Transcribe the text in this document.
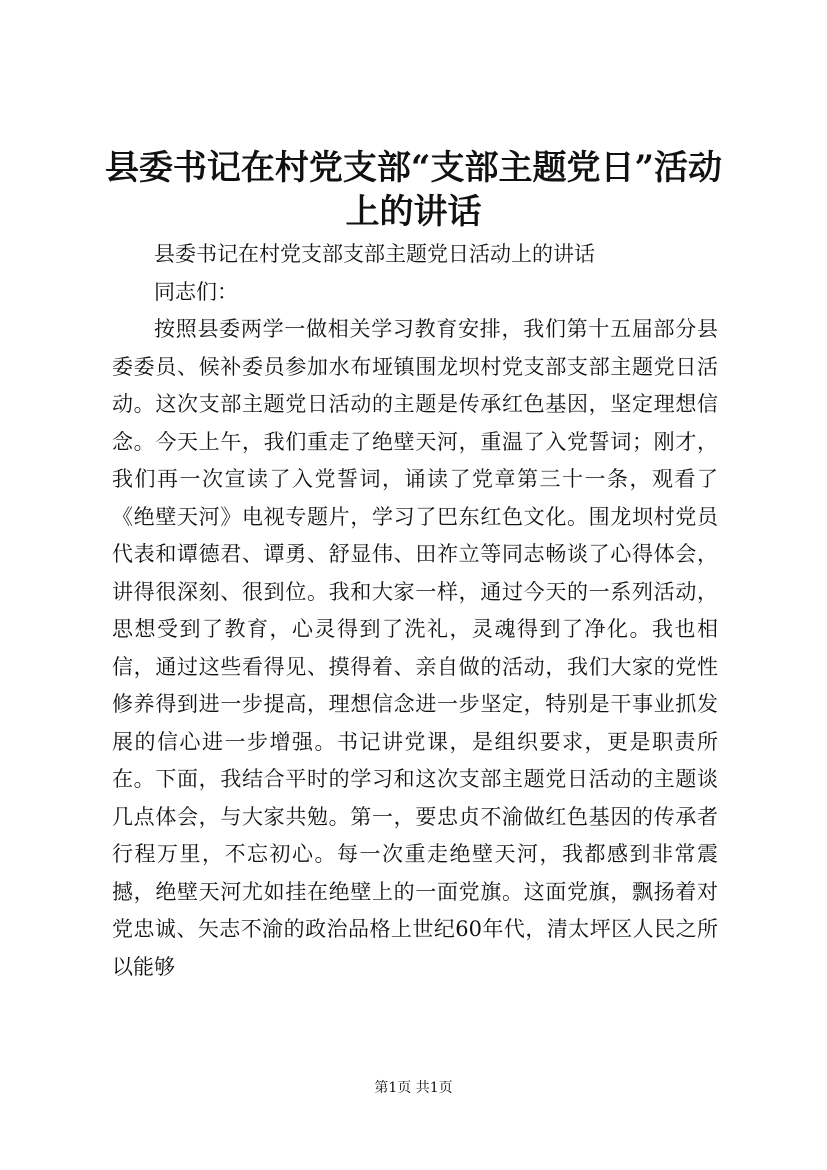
县委书记在村党支部“支部主题党日”活动上的讲话

县委书记在村党支部支部主题党日活动上的讲话

同志们：

按照县委两学一做相关学习教育安排，我们第十五届部分县委委员、候补委员参加水布垭镇围龙坝村党支部支部主题党日活动。这次支部主题党日活动的主题是传承红色基因，坚定理想信念。今天上午，我们重走了绝壁天河，重温了入党誓词；刚才，我们再一次宣读了入党誓词，诵读了党章第三十一条，观看了《绝壁天河》电视专题片，学习了巴东红色文化。围龙坝村党员代表和谭德君、谭勇、舒显伟、田祚立等同志畅谈了心得体会，讲得很深刻、很到位。我和大家一样，通过今天的一系列活动，思想受到了教育，心灵得到了洗礼，灵魂得到了净化。我也相信，通过这些看得见、摸得着、亲自做的活动，我们大家的党性修养得到进一步提高，理想信念进一步坚定，特别是干事业抓发展的信心进一步增强。书记讲党课，是组织要求，更是职责所在。下面，我结合平时的学习和这次支部主题党日活动的主题谈几点体会，与大家共勉。第一，要忠贞不渝做红色基因的传承者行程万里，不忘初心。每一次重走绝壁天河，我都感到非常震撼，绝壁天河尤如挂在绝壁上的一面党旗。这面党旗，飘扬着对党忠诚、矢志不渝的政治品格上世纪60年代，清太坪区人民之所以能够

第1页 共1页
